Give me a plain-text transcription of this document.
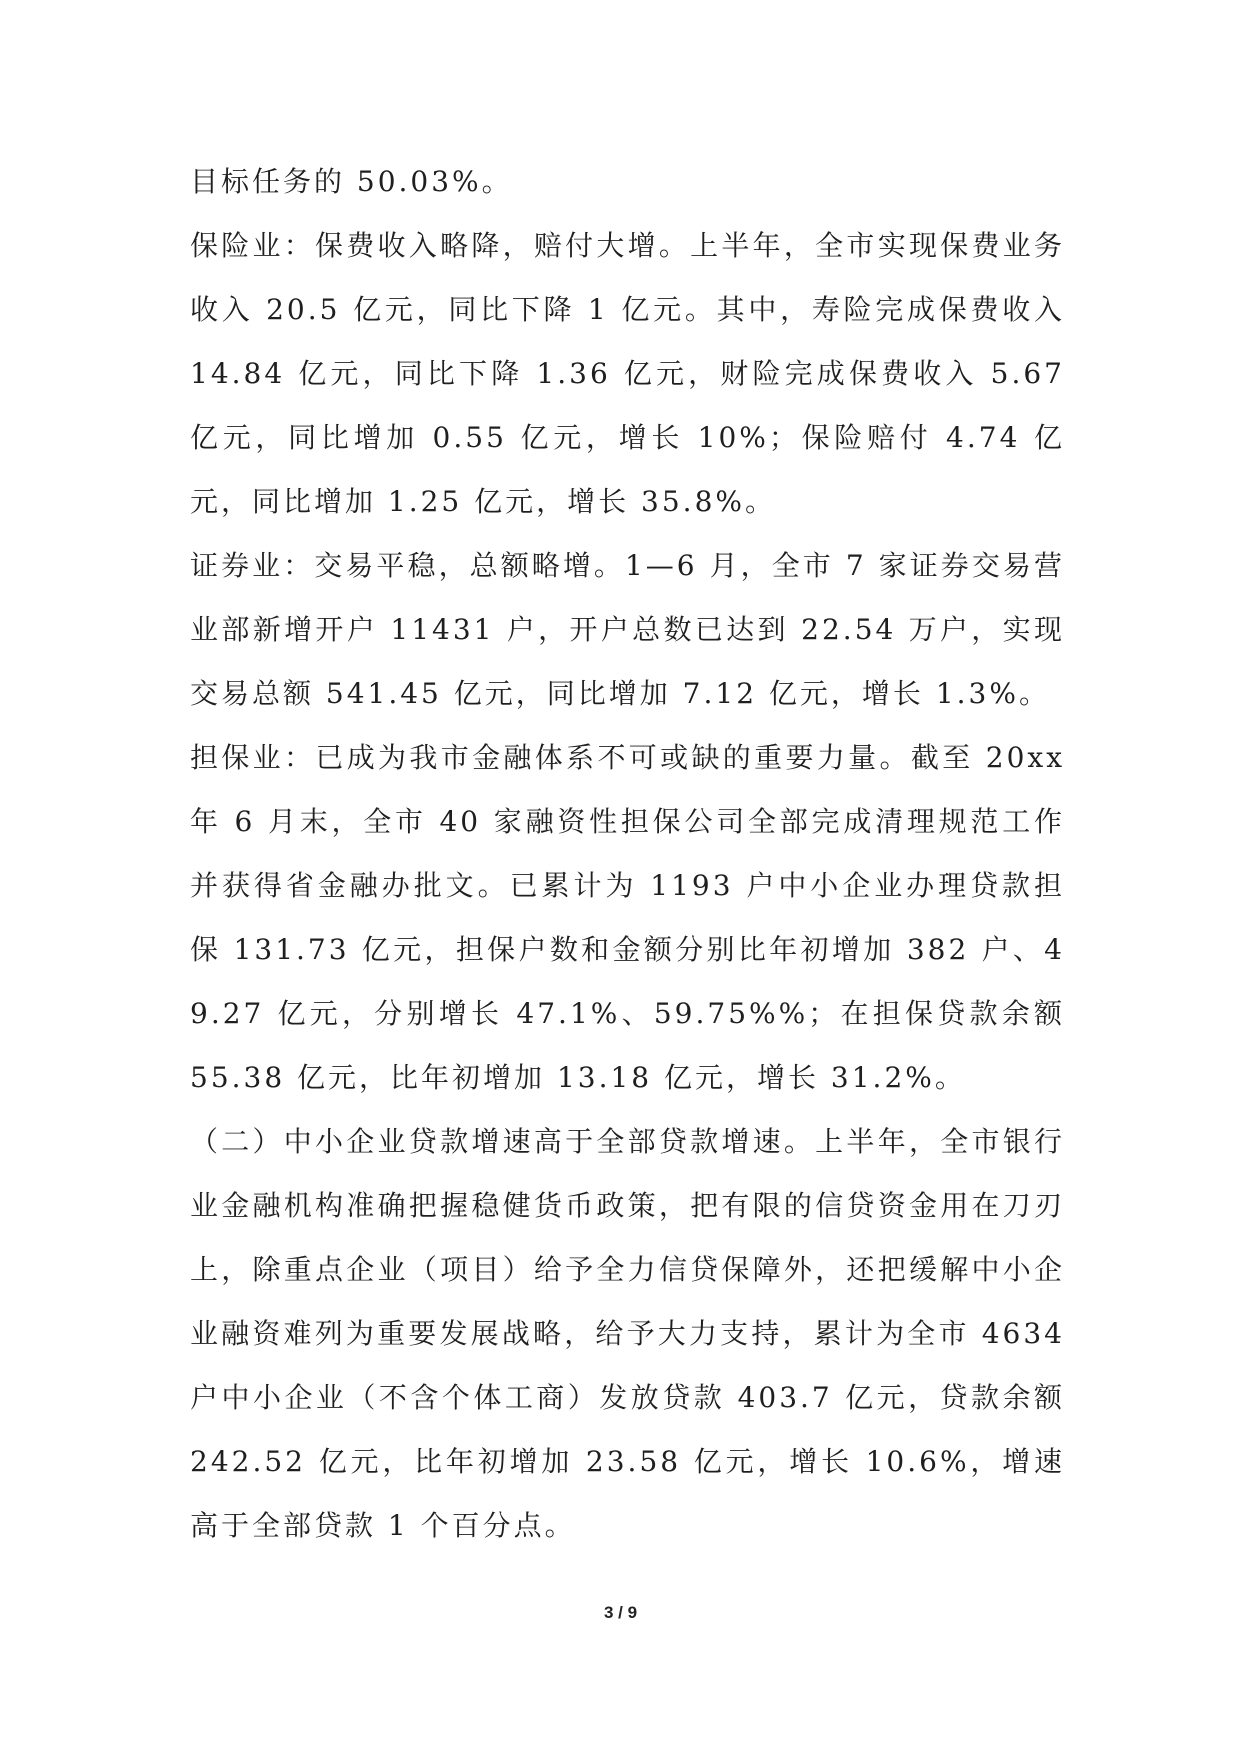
目标任务的 50.03%。

保险业：保费收入略降，赔付大增。上半年，全市实现保费业务收入 20.5 亿元，同比下降 1 亿元。其中，寿险完成保费收入 14.84 亿元，同比下降 1.36 亿元，财险完成保费收入 5.67 亿元，同比增加 0.55 亿元，增长 10%；保险赔付 4.74 亿元，同比增加 1.25 亿元，增长 35.8%。

证券业：交易平稳，总额略增。1—6 月，全市 7 家证券交易营业部新增开户 11431 户，开户总数已达到 22.54 万户，实现交易总额 541.45 亿元，同比增加 7.12 亿元，增长 1.3%。

担保业：已成为我市金融体系不可或缺的重要力量。截至 20xx 年 6 月末，全市 40 家融资性担保公司全部完成清理规范工作并获得省金融办批文。已累计为 1193 户中小企业办理贷款担保 131.73 亿元，担保户数和金额分别比年初增加 382 户、49.27 亿元，分别增长 47.1%、59.75%%；在担保贷款余额 55.38 亿元，比年初增加 13.18 亿元，增长 31.2%。

（二）中小企业贷款增速高于全部贷款增速。上半年，全市银行业金融机构准确把握稳健货币政策，把有限的信贷资金用在刀刃上，除重点企业（项目）给予全力信贷保障外，还把缓解中小企业融资难列为重要发展战略，给予大力支持，累计为全市 4634 户中小企业（不含个体工商）发放贷款 403.7 亿元，贷款余额 242.52 亿元，比年初增加 23.58 亿元，增长 10.6%，增速高于全部贷款 1 个百分点。

3 / 9
